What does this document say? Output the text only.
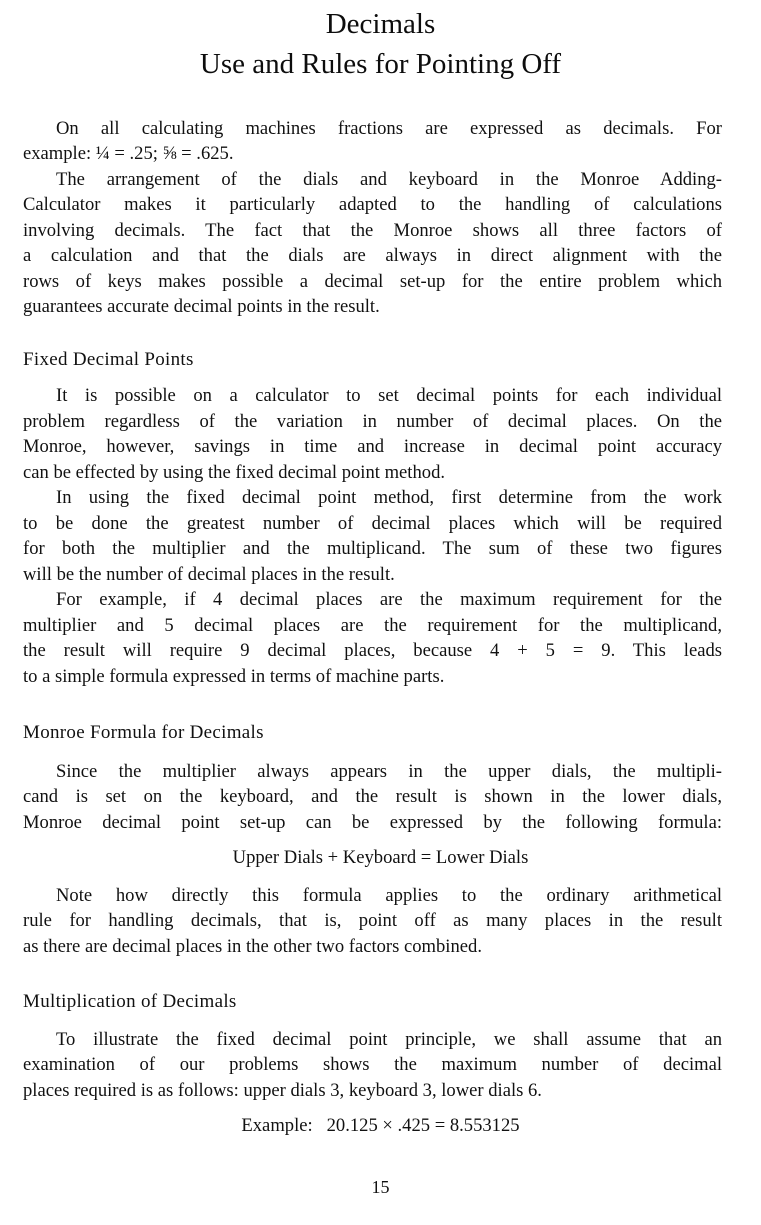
Decimals
Use and Rules for Pointing Off
On all calculating machines fractions are expressed as decimals. For
example: ¼ = .25; ⅝ = .625.
The arrangement of the dials and keyboard in the Monroe Adding-
Calculator makes it particularly adapted to the handling of calculations
involving decimals. The fact that the Monroe shows all three factors of
a calculation and that the dials are always in direct alignment with the
rows of keys makes possible a decimal set-up for the entire problem which
guarantees accurate decimal points in the result.
Fixed Decimal Points
It is possible on a calculator to set decimal points for each individual
problem regardless of the variation in number of decimal places. On the
Monroe, however, savings in time and increase in decimal point accuracy
can be effected by using the fixed decimal point method.
In using the fixed decimal point method, first determine from the work
to be done the greatest number of decimal places which will be required
for both the multiplier and the multiplicand. The sum of these two figures
will be the number of decimal places in the result.
For example, if 4 decimal places are the maximum requirement for the
multiplier and 5 decimal places are the requirement for the multiplicand,
the result will require 9 decimal places, because 4 + 5 = 9. This leads
to a simple formula expressed in terms of machine parts.
Monroe Formula for Decimals
Since the multiplier always appears in the upper dials, the multipli-
cand is set on the keyboard, and the result is shown in the lower dials,
Monroe decimal point set-up can be expressed by the following formula:
Upper Dials + Keyboard = Lower Dials
Note how directly this formula applies to the ordinary arithmetical
rule for handling decimals, that is, point off as many places in the result
as there are decimal places in the other two factors combined.
Multiplication of Decimals
To illustrate the fixed decimal point principle, we shall assume that an
examination of our problems shows the maximum number of decimal
places required is as follows: upper dials 3, keyboard 3, lower dials 6.
Example:   20.125 × .425 = 8.553125
15
